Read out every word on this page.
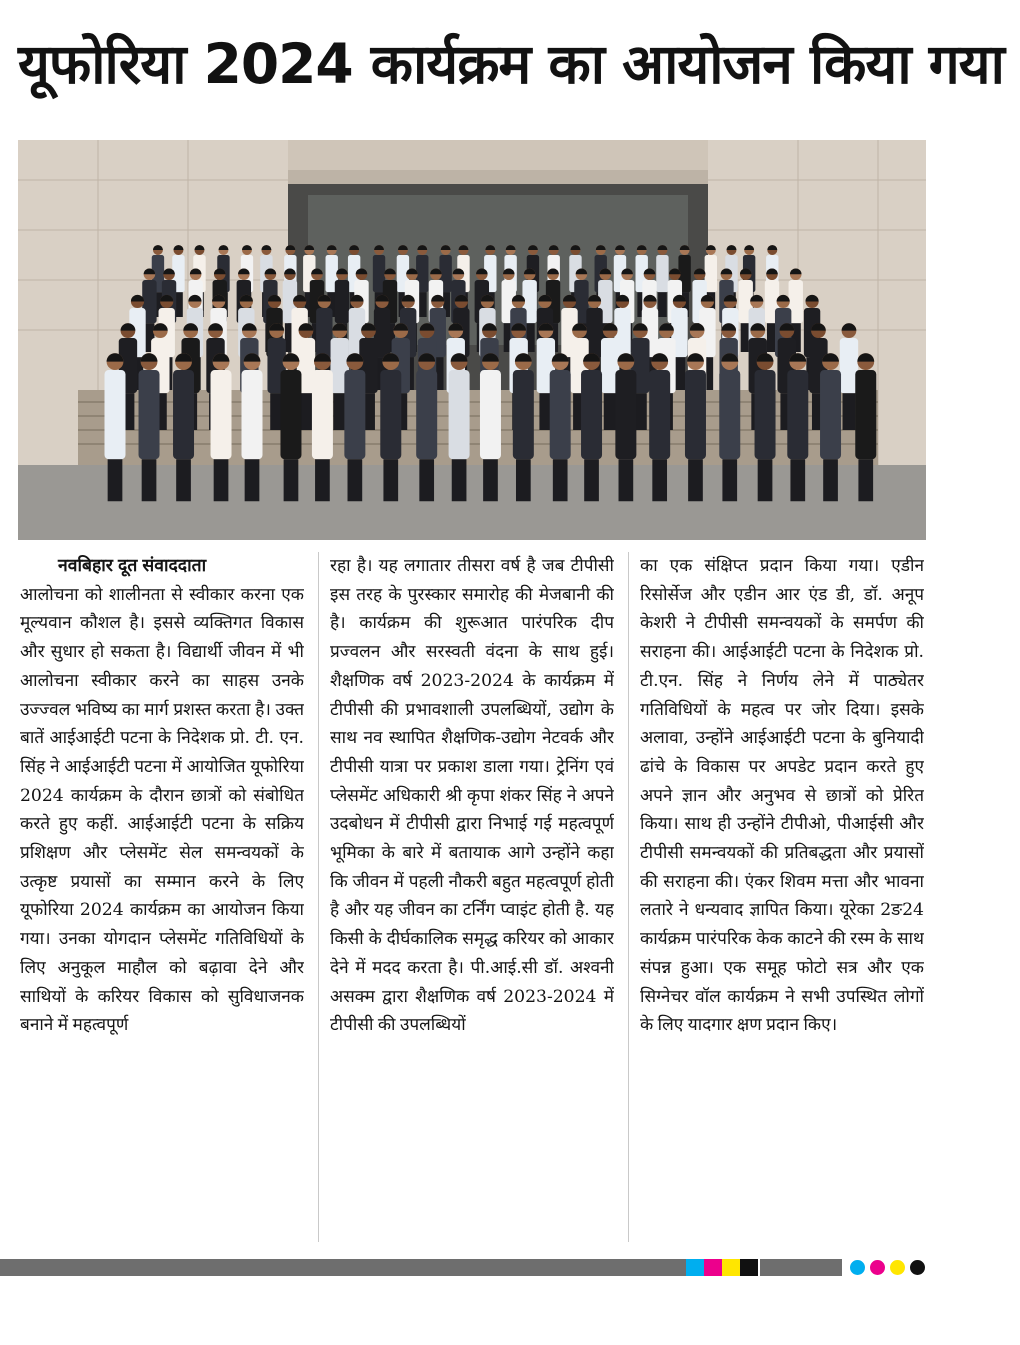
यूफोरिया 2024 कार्यक्रम का आयोजन किया गया
नवबिहार दूत संवाददाता

आलोचना को शालीनता से स्वीकार करना एक मूल्यवान कौशल है। इससे व्यक्तिगत विकास और सुधार हो सकता है। विद्यार्थी जीवन में भी आलोचना स्वीकार करने का साहस उनके उज्ज्वल भविष्य का मार्ग प्रशस्त करता है। उक्त बातें आईआईटी पटना के निदेशक प्रो. टी. एन. सिंह ने आईआईटी पटना में आयोजित यूफोरिया 2024 कार्यक्रम के दौरान छात्रों को संबोधित करते हुए कहीं. आईआईटी पटना के सक्रिय प्रशिक्षण और प्लेसमेंट सेल समन्वयकों के उत्कृष्ट प्रयासों का सम्मान करने के लिए यूफोरिया 2024 कार्यक्रम का आयोजन किया गया। उनका योगदान प्लेसमेंट गतिविधियों के लिए अनुकूल माहौल को बढ़ावा देने और साथियों के करियर विकास को सुविधाजनक बनाने में महत्वपूर्ण

रहा है। यह लगातार तीसरा वर्ष है जब टीपीसी इस तरह के पुरस्कार समारोह की मेजबानी की है। कार्यक्रम की शुरूआत पारंपरिक दीप प्रज्वलन और सरस्वती वंदना के साथ हुई। शैक्षणिक वर्ष 2023-2024 के कार्यक्रम में टीपीसी की प्रभावशाली उपलब्धियों, उद्योग के साथ नव स्थापित शैक्षणिक-उद्योग नेटवर्क और टीपीसी यात्रा पर प्रकाश डाला गया। ट्रेनिंग एवं प्लेसमेंट अधिकारी श्री कृपा शंकर सिंह ने अपने उदबोधन में टीपीसी द्वारा निभाई गई महत्वपूर्ण भूमिका के बारे में बतायाक आगे उन्होंने कहा कि जीवन में पहली नौकरी बहुत महत्वपूर्ण होती है और यह जीवन का टर्निंग प्वाइंट होती है. यह किसी के दीर्घकालिक समृद्ध करियर को आकार देने में मदद करता है। पी.आई.सी डॉ. अश्वनी असक्म द्वारा शैक्षणिक वर्ष 2023-2024 में टीपीसी की उपलब्धियों

का एक संक्षिप्त प्रदान किया गया। एडीन रिसोर्सेज और एडीन आर एंड डी, डॉ. अनूप केशरी ने टीपीसी समन्वयकों के समर्पण की सराहना की। आईआईटी पटना के निदेशक प्रो. टी.एन. सिंह ने निर्णय लेने में पाठ्येतर गतिविधियों के महत्व पर जोर दिया। इसके अलावा, उन्होंने आईआईटी पटना के बुनियादी ढांचे के विकास पर अपडेट प्रदान करते हुए अपने ज्ञान और अनुभव से छात्रों को प्रेरित किया। साथ ही उन्होंने टीपीओ, पीआईसी और टीपीसी समन्वयकों की प्रतिबद्धता और प्रयासों की सराहना की। एंकर शिवम मत्ता और भावना लतारे ने धन्यवाद ज्ञापित किया। यूरेका 2ङ24 कार्यक्रम पारंपरिक केक काटने की रस्म के साथ संपन्न हुआ। एक समूह फोटो सत्र और एक सिग्नेचर वॉल कार्यक्रम ने सभी उपस्थित लोगों के लिए यादगार क्षण प्रदान किए।
